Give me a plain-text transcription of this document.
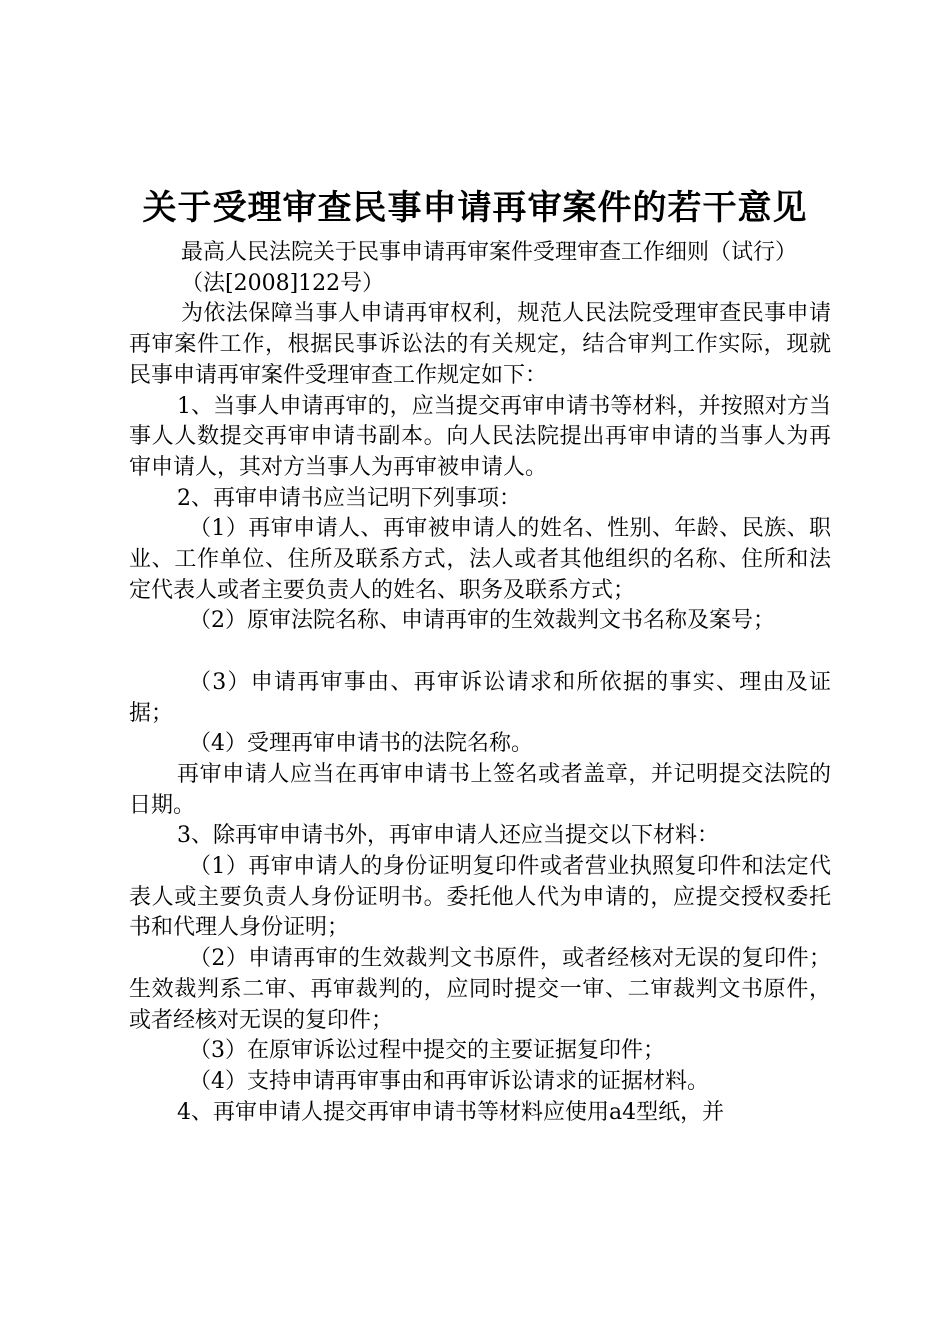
关于受理审查民事申请再审案件的若干意见

最高人民法院关于民事申请再审案件受理审查工作细则（试行）

（法[2008]122号）

为依法保障当事人申请再审权利，规范人民法院受理审查民事申请再审案件工作，根据民事诉讼法的有关规定，结合审判工作实际，现就民事申请再审案件受理审查工作规定如下：

1、当事人申请再审的，应当提交再审申请书等材料，并按照对方当事人人数提交再审申请书副本。向人民法院提出再审申请的当事人为再审申请人，其对方当事人为再审被申请人。

2、再审申请书应当记明下列事项：

（1）再审申请人、再审被申请人的姓名、性别、年龄、民族、职业、工作单位、住所及联系方式，法人或者其他组织的名称、住所和法定代表人或者主要负责人的姓名、职务及联系方式；

（2）原审法院名称、申请再审的生效裁判文书名称及案号；

（3）申请再审事由、再审诉讼请求和所依据的事实、理由及证据；

（4）受理再审申请书的法院名称。

再审申请人应当在再审申请书上签名或者盖章，并记明提交法院的日期。

3、除再审申请书外，再审申请人还应当提交以下材料：

（1）再审申请人的身份证明复印件或者营业执照复印件和法定代表人或主要负责人身份证明书。委托他人代为申请的，应提交授权委托书和代理人身份证明；

（2）申请再审的生效裁判文书原件，或者经核对无误的复印件；生效裁判系二审、再审裁判的，应同时提交一审、二审裁判文书原件，或者经核对无误的复印件；

（3）在原审诉讼过程中提交的主要证据复印件；

（4）支持申请再审事由和再审诉讼请求的证据材料。

4、再审申请人提交再审申请书等材料应使用a4型纸，并
